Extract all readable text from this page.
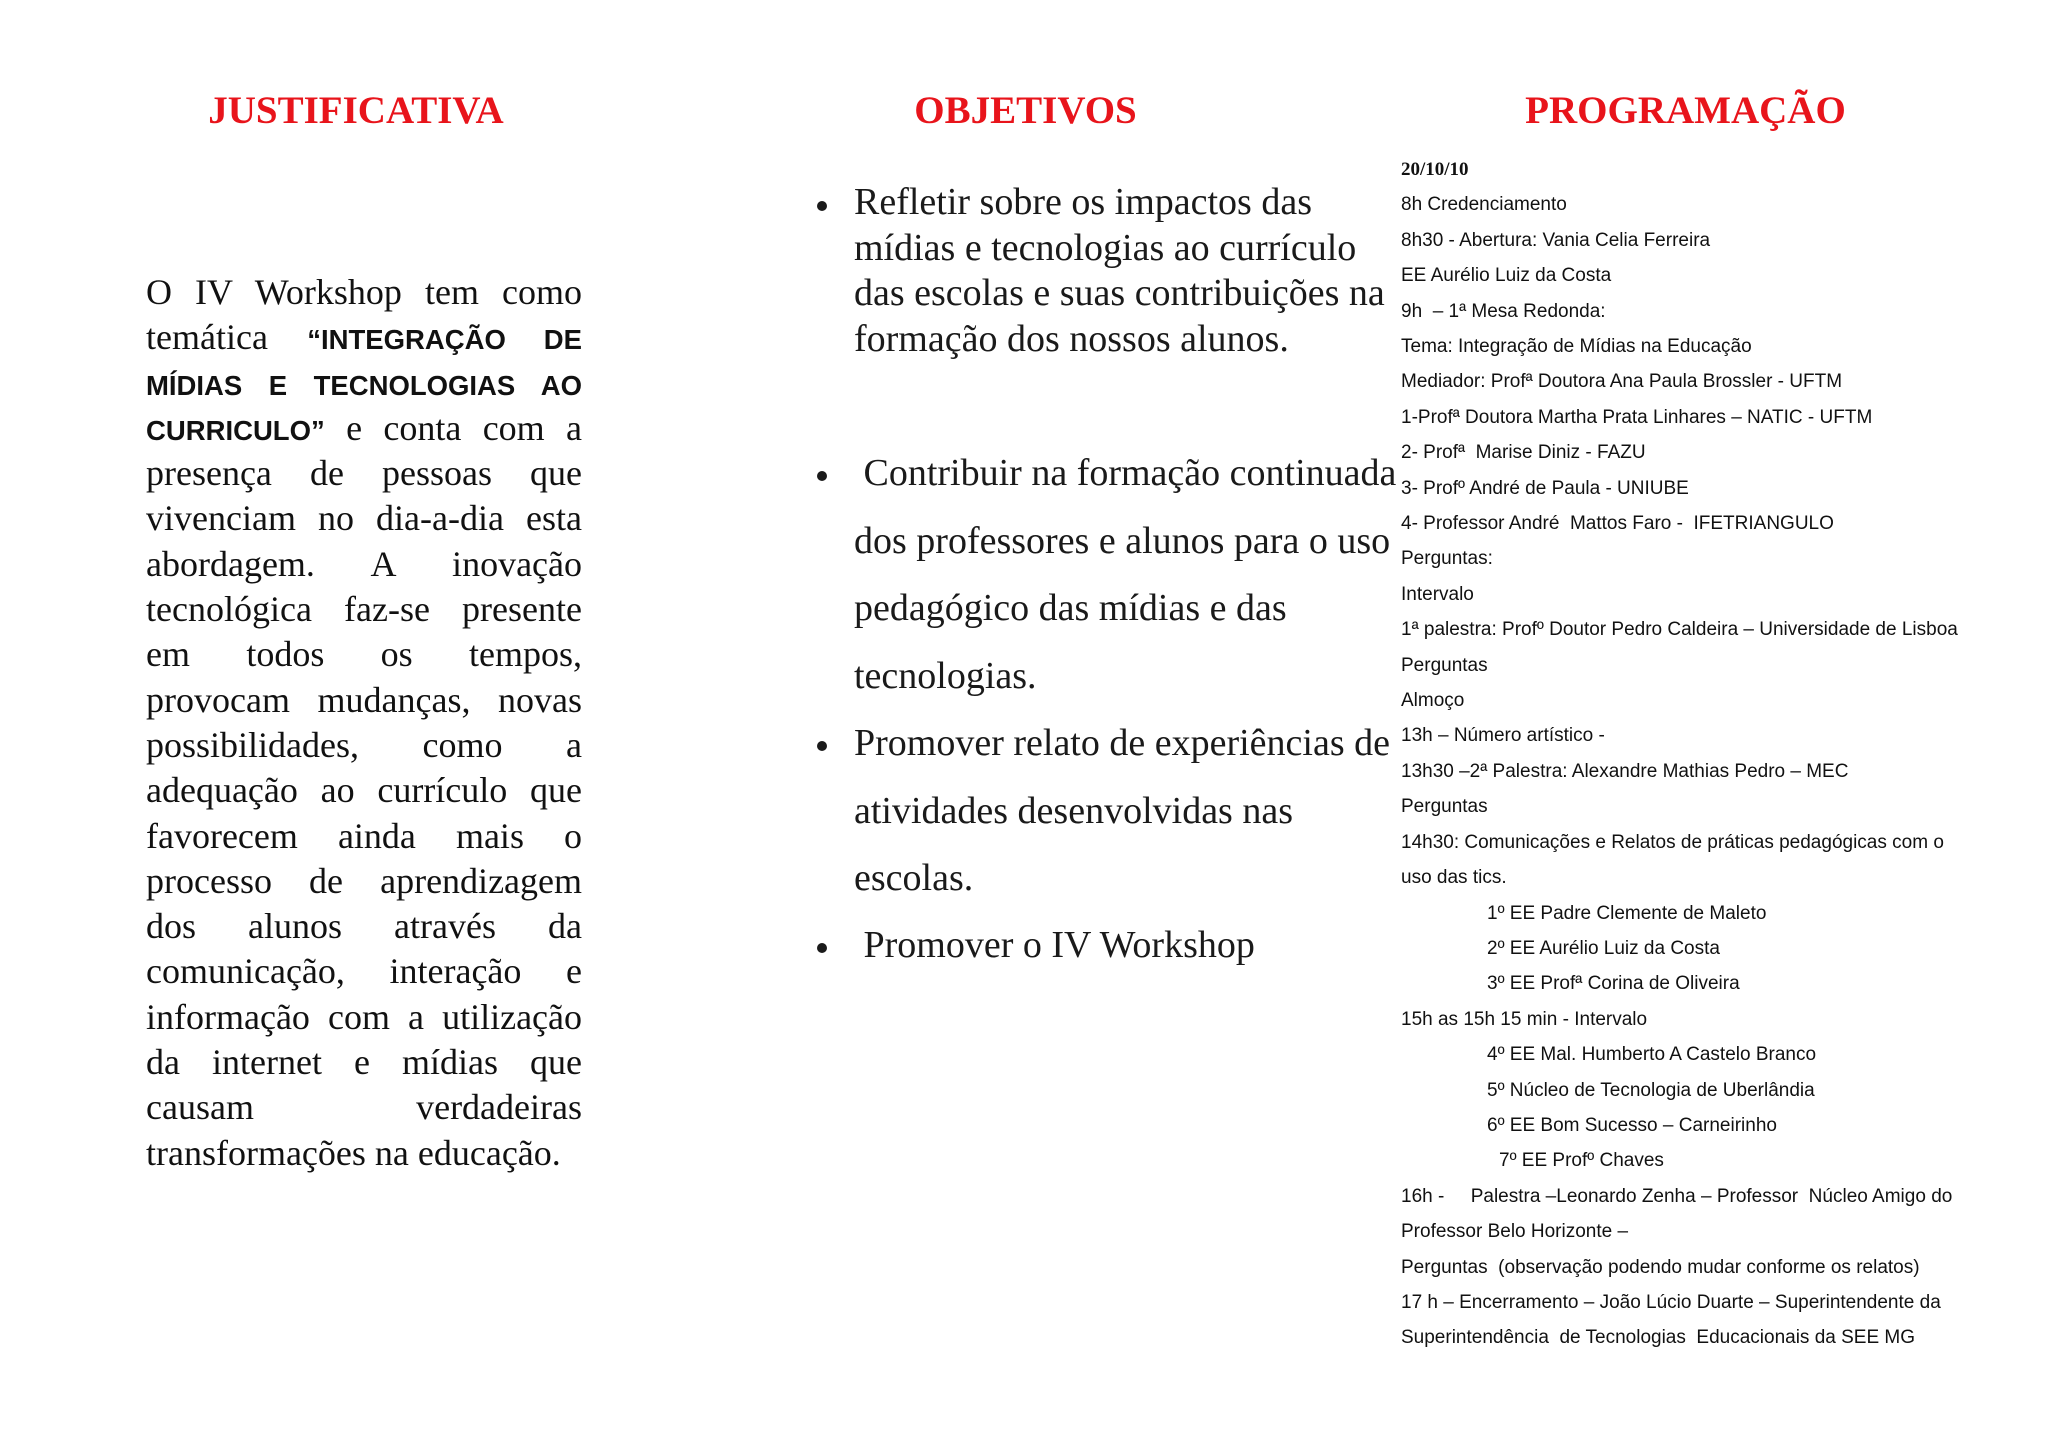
JUSTIFICATIVA

O IV Workshop tem como temática “INTEGRAÇÃO DE MÍDIAS E TECNOLOGIAS AO CURRICULO” e conta com a presença de pessoas que vivenciam no dia-a-dia esta abordagem. A inovação tecnológica faz-se presente em todos os tempos, provocam mudanças, novas possibilidades, como a adequação ao currículo que favorecem ainda mais o processo de aprendizagem dos alunos através da comunicação, interação e informação com a utilização da internet e mídias que causam verdadeiras transformações na educação.

OBJETIVOS
Refletir sobre os impactos das mídias e tecnologias ao currículo das escolas e suas contribuições na formação dos nossos alunos.
Contribuir na formação continuada dos professores e alunos para o uso pedagógico das mídias e das tecnologias.
Promover relato de experiências de atividades desenvolvidas nas escolas.
Promover o IV Workshop
PROGRAMAÇÃO

20/10/10

8h Credenciamento

8h30 - Abertura: Vania Celia Ferreira

EE Aurélio Luiz da Costa

9h  – 1ª Mesa Redonda:

Tema: Integração de Mídias na Educação

Mediador: Profª Doutora Ana Paula Brossler - UFTM

1-Profª Doutora Martha Prata Linhares – NATIC - UFTM

2- Profª  Marise Diniz - FAZU

3- Profº André de Paula - UNIUBE

4- Professor André  Mattos Faro -  IFETRIANGULO

Perguntas:

Intervalo

1ª palestra: Profº Doutor Pedro Caldeira – Universidade de Lisboa

Perguntas

Almoço

13h – Número artístico -

13h30 –2ª Palestra: Alexandre Mathias Pedro – MEC

Perguntas

14h30: Comunicações e Relatos de práticas pedagógicas com o

uso das tics.

1º EE Padre Clemente de Maleto

2º EE Aurélio Luiz da Costa

3º EE Profª Corina de Oliveira

15h as 15h 15 min - Intervalo

4º EE Mal. Humberto A Castelo Branco

5º Núcleo de Tecnologia de Uberlândia

6º EE Bom Sucesso – Carneirinho

7º EE Profº Chaves

16h -     Palestra –Leonardo Zenha – Professor  Núcleo Amigo do

Professor Belo Horizonte –

Perguntas  (observação podendo mudar conforme os relatos)

17 h – Encerramento – João Lúcio Duarte – Superintendente da

Superintendência  de Tecnologias  Educacionais da SEE MG
